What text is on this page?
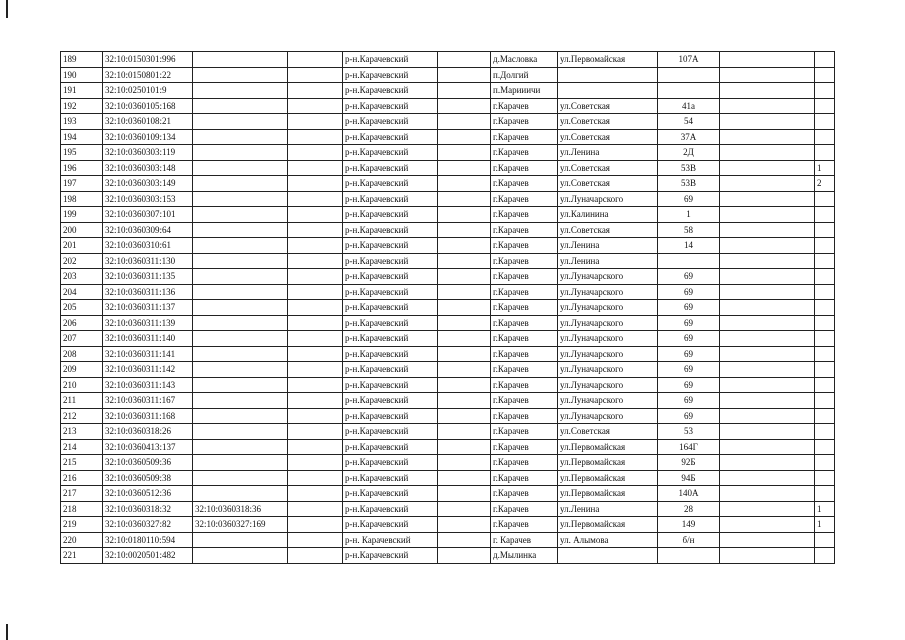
189	32:10:0150301:996			р-н.Карачевский		д.Масловка	ул.Первомайская	107А		
190	32:10:0150801:22			р-н.Карачевский		п.Долгий				
191	32:10:0250101:9			р-н.Карачевский		п.Марииичи				
192	32:10:0360105:168			р-н.Карачевский		г.Карачев	ул.Советская	41а		
193	32:10:0360108:21			р-н.Карачевский		г.Карачев	ул.Советская	54		
194	32:10:0360109:134			р-н.Карачевский		г.Карачев	ул.Советская	37А		
195	32:10:0360303:119			р-н.Карачевский		г.Карачев	ул.Ленина	2Д		
196	32:10:0360303:148			р-н.Карачевский		г.Карачев	ул.Советская	53В		1
197	32:10:0360303:149			р-н.Карачевский		г.Карачев	ул.Советская	53В		2
198	32:10:0360303:153			р-н.Карачевский		г.Карачев	ул.Луначарского	69		
199	32:10:0360307:101			р-н.Карачевский		г.Карачев	ул.Калинина	1		
200	32:10:0360309:64			р-н.Карачевский		г.Карачев	ул.Советская	58		
201	32:10:0360310:61			р-н.Карачевский		г.Карачев	ул.Ленина	14		
202	32:10:0360311:130			р-н.Карачевский		г.Карачев	ул.Ленина			
203	32:10:0360311:135			р-н.Карачевский		г.Карачев	ул.Луначарского	69		
204	32:10:0360311:136			р-н.Карачевский		г.Карачев	ул.Луначарского	69		
205	32:10:0360311:137			р-н.Карачевский		г.Карачев	ул.Луначарского	69		
206	32:10:0360311:139			р-н.Карачевский		г.Карачев	ул.Луначарского	69		
207	32:10:0360311:140			р-н.Карачевский		г.Карачев	ул.Луначарского	69		
208	32:10:0360311:141			р-н.Карачевский		г.Карачев	ул.Луначарского	69		
209	32:10:0360311:142			р-н.Карачевский		г.Карачев	ул.Луначарского	69		
210	32:10:0360311:143			р-н.Карачевский		г.Карачев	ул.Луначарского	69		
211	32:10:0360311:167			р-н.Карачевский		г.Карачев	ул.Луначарского	69		
212	32:10:0360311:168			р-н.Карачевский		г.Карачев	ул.Луначарского	69		
213	32:10:0360318:26			р-н.Карачевский		г.Карачев	ул.Советская	53		
214	32:10:0360413:137			р-н.Карачевский		г.Карачев	ул.Первомайская	164Г		
215	32:10:0360509:36			р-н.Карачевский		г.Карачев	ул.Первомайская	92Б		
216	32:10:0360509:38			р-н.Карачевский		г.Карачев	ул.Первомайская	94Б		
217	32:10:0360512:36			р-н.Карачевский		г.Карачев	ул.Первомайская	140А		
218	32:10:0360318:32	32:10:0360318:36		р-н.Карачевский		г.Карачев	ул.Ленина	28		1
219	32:10:0360327:82	32:10:0360327:169		р-н.Карачевский		г.Карачев	ул.Первомайская	149		1
220	32:10:0180110:594			р-н. Карачевский		г. Карачев	ул. Алымова	б/н		
221	32:10:0020501:482			р-н.Карачевский		д.Мылинка				
